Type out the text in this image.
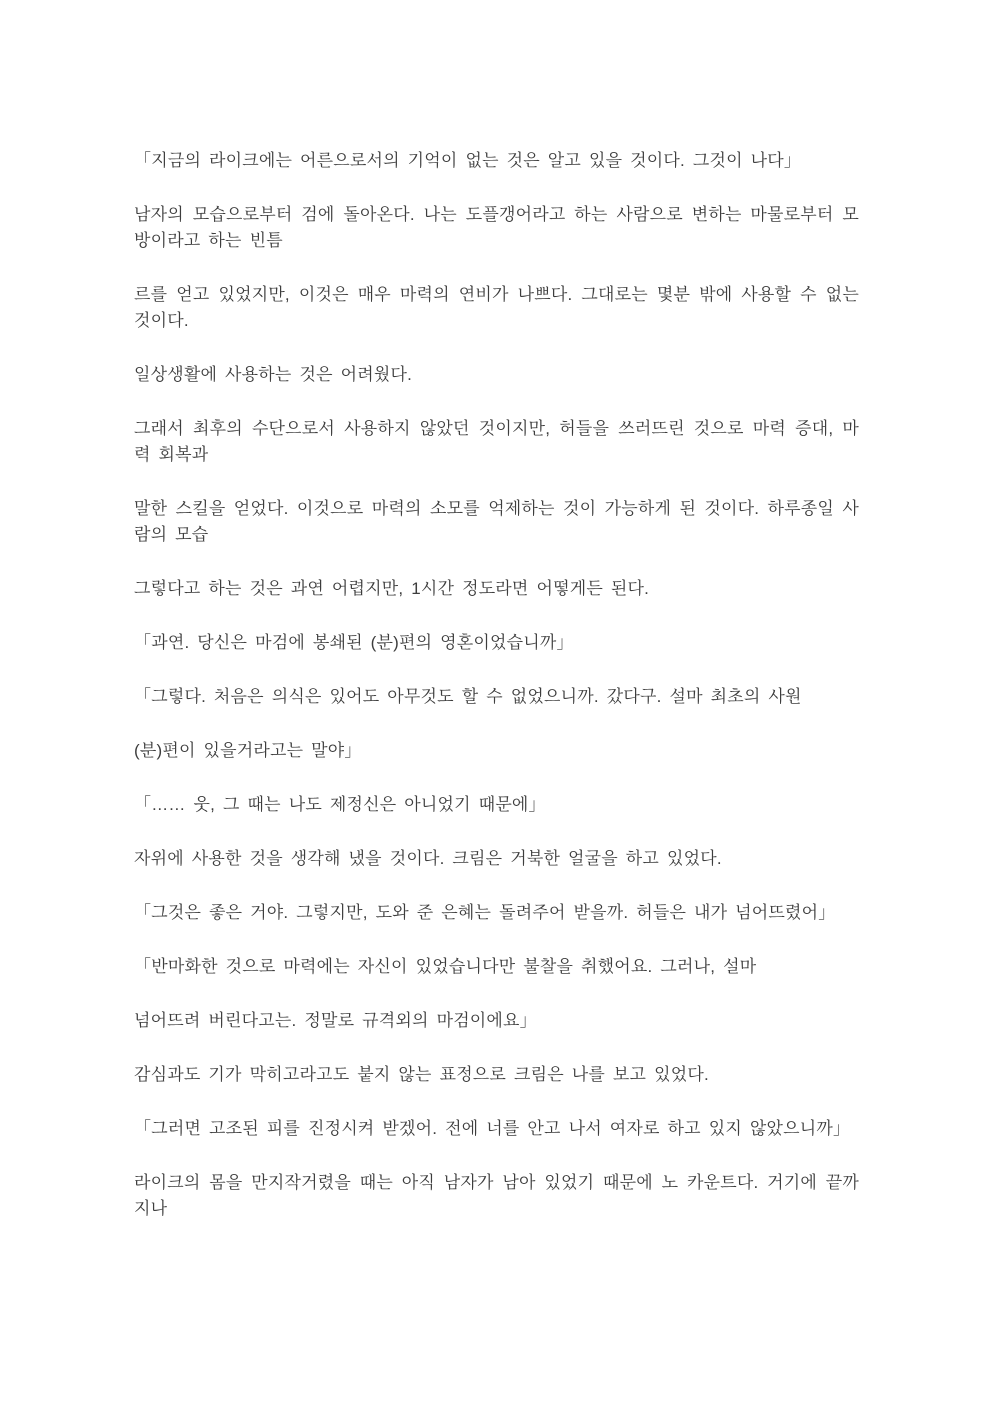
「지금의 라이크에는 어른으로서의 기억이 없는 것은 알고 있을 것이다. 그것이 나다」

남자의 모습으로부터 검에 돌아온다. 나는 도플갱어라고 하는 사람으로 변하는 마물로부터 모방이라고 하는 빈틈

르를 얻고 있었지만, 이것은 매우 마력의 연비가 나쁘다. 그대로는 몇분 밖에 사용할 수 없는 것이다.

일상생활에 사용하는 것은 어려웠다.

그래서 최후의 수단으로서 사용하지 않았던 것이지만, 허들을 쓰러뜨린 것으로 마력 증대, 마력 회복과

말한 스킬을 얻었다. 이것으로 마력의 소모를 억제하는 것이 가능하게 된 것이다. 하루종일 사람의 모습

그렇다고 하는 것은 과연 어렵지만, 1시간 정도라면 어떻게든 된다.

「과연. 당신은 마검에 봉쇄된 (분)편의 영혼이었습니까」

「그렇다. 처음은 의식은 있어도 아무것도 할 수 없었으니까. 갔다구. 설마 최초의 사원

(분)편이 있을거라고는 말야」

「…… 웃, 그 때는 나도 제정신은 아니었기 때문에」

자위에 사용한 것을 생각해 냈을 것이다. 크림은 거북한 얼굴을 하고 있었다.

「그것은 좋은 거야. 그렇지만, 도와 준 은혜는 돌려주어 받을까. 허들은 내가 넘어뜨렸어」

「반마화한 것으로 마력에는 자신이 있었습니다만 불찰을 취했어요. 그러나, 설마

넘어뜨려 버린다고는. 정말로 규격외의 마검이에요」

감심과도 기가 막히고라고도 붙지 않는 표정으로 크림은 나를 보고 있었다.

「그러면 고조된 피를 진정시켜 받겠어. 전에 너를 안고 나서 여자로 하고 있지 않았으니까」

라이크의 몸을 만지작거렸을 때는 아직 남자가 남아 있었기 때문에 노 카운트다. 거기에 끝까지나
